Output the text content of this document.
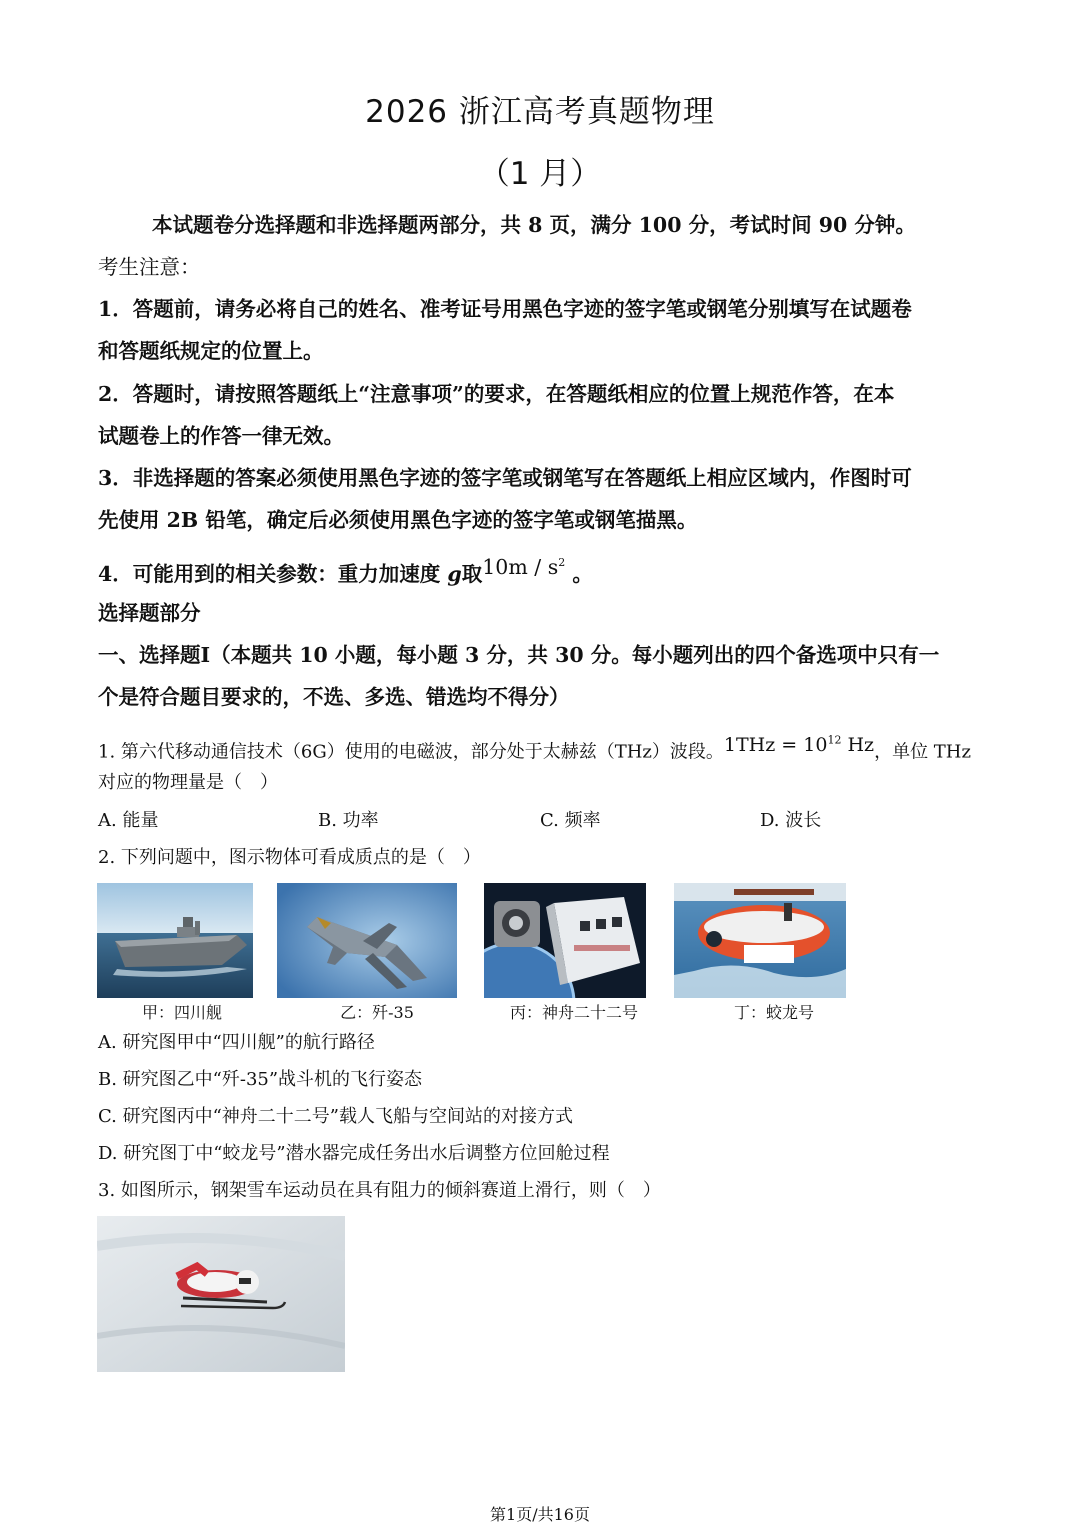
2026 浙江高考真题物理
（1 月）
本试题卷分选择题和非选择题两部分，共 8 页，满分 100 分，考试时间 90 分钟。
考生注意：
1．答题前，请务必将自己的姓名、准考证号用黑色字迹的签字笔或钢笔分别填写在试题卷
和答题纸规定的位置上。
2．答题时，请按照答题纸上“注意事项”的要求，在答题纸相应的位置上规范作答，在本
试题卷上的作答一律无效。
3．非选择题的答案必须使用黑色字迹的签字笔或钢笔写在答题纸上相应区域内，作图时可
先使用 2B 铅笔，确定后必须使用黑色字迹的签字笔或钢笔描黑。
4．可能用到的相关参数：重力加速度 g取$10m / s^2$ 。
选择题部分
一、选择题Ⅰ（本题共 10 小题，每小题 3 分，共 30 分。每小题列出的四个备选项中只有一
个是符合题目要求的，不选、多选、错选均不得分）
1. 第六代移动通信技术（6G）使用的电磁波，部分处于太赫兹（THz）波段。$1THz = 10^{12}$ Hz，单位 THz
对应的物理量是（　）
A. 能量	B. 功率	C. 频率	D. 波长
2. 下列问题中，图示物体可看成质点的是（　）
甲：四川舰	乙：歼-35	丙：神舟二十二号	丁：蛟龙号
A. 研究图甲中“四川舰”的航行路径
B. 研究图乙中“歼-35”战斗机的飞行姿态
C. 研究图丙中“神舟二十二号”载人飞船与空间站的对接方式
D. 研究图丁中“蛟龙号”潜水器完成任务出水后调整方位回舱过程
3. 如图所示，钢架雪车运动员在具有阻力的倾斜赛道上滑行，则（　）
第1页/共16页
